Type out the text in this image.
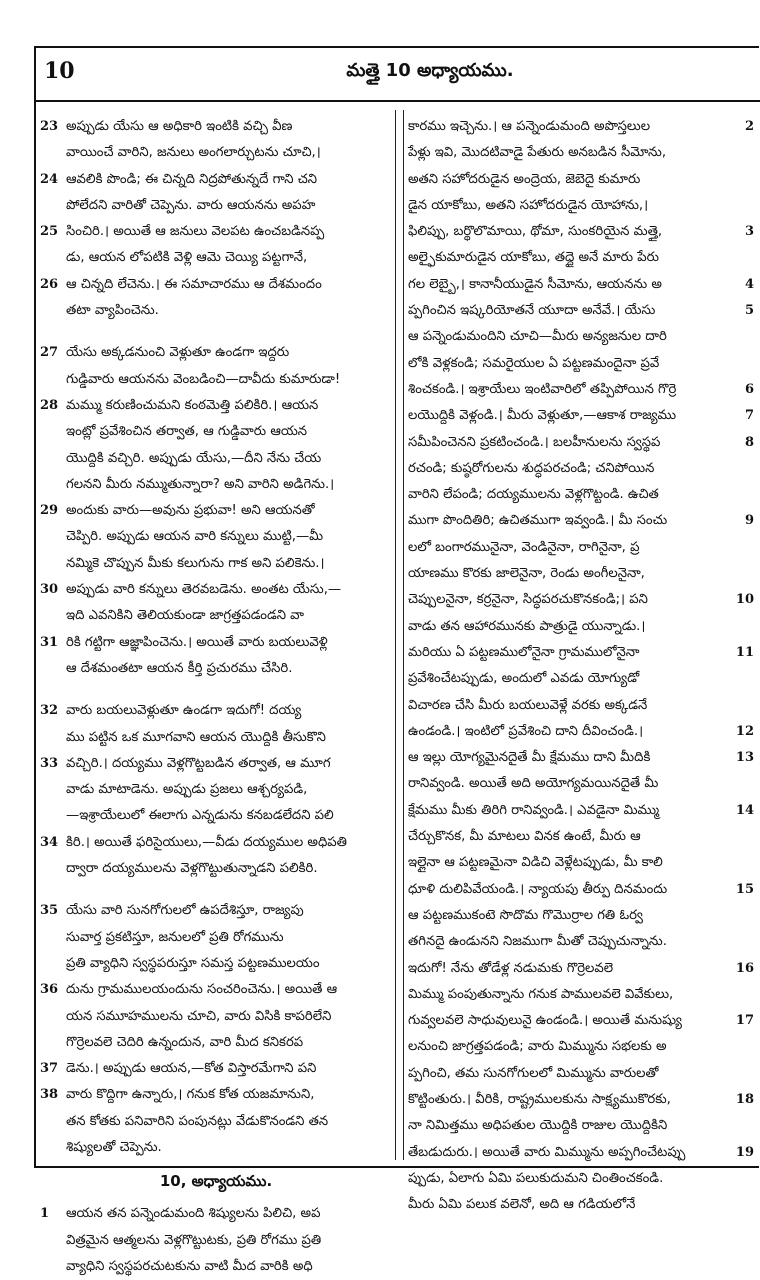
10	మత్తై 10 అధ్యాయము.
23 అప్పుడు యేసు ఆ అధికారి ఇంటికి వచ్చి వీణ
వాయించే వారిని, జనులు అంగలార్చుటను చూచి,।
24 ఆవలికి పొండి; ఈ చిన్నది నిద్రపోతున్నదే గాని చని
పోలేదని వారితో చెప్పెను. వారు ఆయనను అపహ
25 సించిరి.। అయితే ఆ జనులు వెలపట ఉంచబడినప్ప
డు, ఆయన లోపటికి వెళ్లి ఆమె చెయ్యి పట్టగానే,
26 ఆ చిన్నది లేచెను.। ఈ సమాచారము ఆ దేశమందం
తటా వ్యాపించెను.
27 యేసు అక్కడనుంచి వెళ్లుతూ ఉండగా ఇద్దరు
గుడ్డివారు ఆయనను వెంబడించి—దావీదు కుమారుడా!
28 మమ్ము కరుణించుమని కంఠమెత్తి పలికిరి.। ఆయన
ఇంట్లో ప్రవేశించిన తర్వాత, ఆ గుడ్డివారు ఆయన
యొద్దికి వచ్చిరి. అప్పుడు యేసు,—దీని నేను చేయ
గలనని మీరు నమ్ముతున్నారా? అని వారిని అడిగెను.।
29 అందుకు వారు—అవును ప్రభువా! అని ఆయనతో
చెప్పిరి. అప్పుడు ఆయన వారి కన్నులు ముట్టి,—మీ
నమ్మికె చొప్పున మీకు కలుగును గాక అని పలికెను.।
30 అప్పుడు వారి కన్నులు తెరవబడెను. అంతట యేసు,—
ఇది ఎవనికిని తెలియకుండా జాగ్రత్తపడండని వా
31 రికి గట్టిగా ఆజ్ఞాపించెను.। అయితే వారు బయలువెళ్లి
ఆ దేశమంతటా ఆయన కీర్తి ప్రచురము చేసిరి.
32 వారు బయలువెళ్లుతూ ఉండగా ఇదుగో! దయ్య
ము పట్టిన ఒక మూగవాని ఆయన యొద్దికి తీసుకొని
33 వచ్చిరి.। దయ్యము వెళ్లగొట్టబడిన తర్వాత, ఆ మూగ
వాడు మాటాడెను. అప్పుడు ప్రజలు ఆశ్చర్యపడి,
—ఇశ్రాయేలులో ఈలాగు ఎన్నడును కనబడలేదని పలి
34 కిరి.। అయితే ఫరిసైయులు,—వీడు దయ్యముల అధిపతి
ద్వారా దయ్యములను వెళ్లగొట్టుతున్నాడని పలికిరి.
35 యేసు వారి సునగోగులలో ఉపదేశిస్తూ, రాజ్యపు
సువార్త ప్రకటిస్తూ, జనులలో ప్రతి రోగమును
ప్రతి వ్యాధిని స్వస్థపరుస్తూ సమస్త పట్టణములయం
36 దును గ్రామములయందును సంచరించెను.। అయితే ఆ
యన సమూహములను చూచి, వారు విసికి కాపరిలేని
గొర్రెలవలె చెదిరి ఉన్నందున, వారి మీద కనికరప
37 డెను.। అప్పుడు ఆయన,—కోత విస్తారమేగాని పని
38 వారు కొద్దిగా ఉన్నారు,। గనుక కోత యజమానుని,
తన కోతకు పనివారిని పంపునట్లు వేడుకొనండని తన
శిష్యులతో చెప్పెను.
10, అధ్యాయము.
1 ఆయన తన పన్నెండుమంది శిష్యులను పిలిచి, అప
విత్రమైన ఆత్మలను వెళ్లగొట్టుటకు, ప్రతి రోగము ప్రతి
వ్యాధిని స్వస్థపరచుటకును వాటి మీద వారికి అధి
కారము ఇచ్చెను.। ఆ పన్నెండుమంది అపొస్తలుల	2
పేళ్లు ఇవి, మొదటివాడై పేతురు అనబడిన సీమోను,
అతని సహోదరుడైన అంద్రెయ, జెబెదై కుమారు
డైన యాకోబు, అతని సహోదరుడైన యోహాను,।
ఫిలిప్పు, బర్థొలొమాయి, థోమా, సుంకరియైన మత్తై,	3
అల్ఫైకుమారుడైన యాకోబు, తద్దై అనే మారు పేరు
గల లెబ్బై,। కానానీయుడైన సీమోను, ఆయనను అ	4
ప్పగించిన ఇష్కరియోతనే యూదా అనేవే.। యేసు	5
ఆ పన్నెండుమందిని చూచి—మీరు అన్యజనుల దారి
లోకి వెళ్లకండి; సమరైయుల ఏ పట్టణమందైనా ప్రవే
శించకండి.। ఇశ్రాయేలు ఇంటివారిలో తప్పిపోయిన గొర్రె	6
లయొద్దికి వెళ్లండి.। మీరు వెళ్లుతూ,—ఆకాశ రాజ్యము	7
సమీపించెనని ప్రకటించండి.। బలహీనులను స్వస్థప	8
రచండి; కుష్ఠరోగులను శుద్ధపరచండి; చనిపోయిన
వారిని లేపండి; దయ్యములను వెళ్లగొట్టండి. ఉచిత
ముగా పొందితిరి; ఉచితముగా ఇవ్వండి.। మీ సంచు	9
లలో బంగారమునైనా, వెండినైనా, రాగినైనా, ప్ర
యాణము కొరకు జాలెనైనా, రెండు అంగీలనైనా,
చెప్పులనైనా, కర్రనైనా, సిద్ధపరచుకొనకండి;। పని	10
వాడు తన ఆహారమునకు పాత్రుడై యున్నాడు.।
మరియు ఏ పట్టణములోనైనా గ్రామములోనైనా	11
ప్రవేశించేటప్పుడు, అందులో ఎవడు యోగ్యుడో
విచారణ చేసి మీరు బయలువెళ్లే వరకు అక్కడనే
ఉండండి.। ఇంటిలో ప్రవేశించి దాని దీవించండి.।	12
ఆ ఇల్లు యోగ్యమైనదైతే మీ క్షేమము దాని మీదికి	13
రానివ్వండి. అయితే అది అయోగ్యమయినదైతే మీ
క్షేమము మీకు తిరిగి రానివ్వండి.। ఎవడైనా మిమ్ము	14
చేర్చుకొనక, మీ మాటలు వినక ఉంటే, మీరు ఆ
ఇల్లైనా ఆ పట్టణమైనా విడిచి వెళ్లేటప్పుడు, మీ కాలి
ధూళి దులిపివేయండి.। న్యాయపు తీర్పు దినమందు	15
ఆ పట్టణముకంటె సొదొమ గొమొర్రాల గతి ఓర్వ
తగినదై ఉండునని నిజముగా మీతో చెప్పుచున్నాను.
ఇదుగో! నేను తోడేళ్ల నడుమకు గొర్రెలవలె	16
మిమ్ము పంపుతున్నాను గనుక పాములవలె వివేకులు,
గువ్వలవలె సాధువులునై ఉండండి.। అయితే మనుష్యు	17
లనుంచి జాగ్రత్తపడండి; వారు మిమ్మును సభలకు అ
ప్పగించి, తమ సునగోగులలో మిమ్మును వారులతో
కొట్టింతురు.। వీరికి, రాష్ట్రములకును సాక్ష్యముకొరకు,	18
నా నిమిత్తము అధిపతుల యొద్దికి రాజుల యొద్దికిని
తేబడుదురు.। అయితే వారు మిమ్మును అప్పగించేటప్పు	19
ప్పుడు, ఏలాగు ఏమి పలుకుదుమని చింతించకండి.
మీరు ఏమి పలుక వలెనో, అది ఆ గడియలోనే
